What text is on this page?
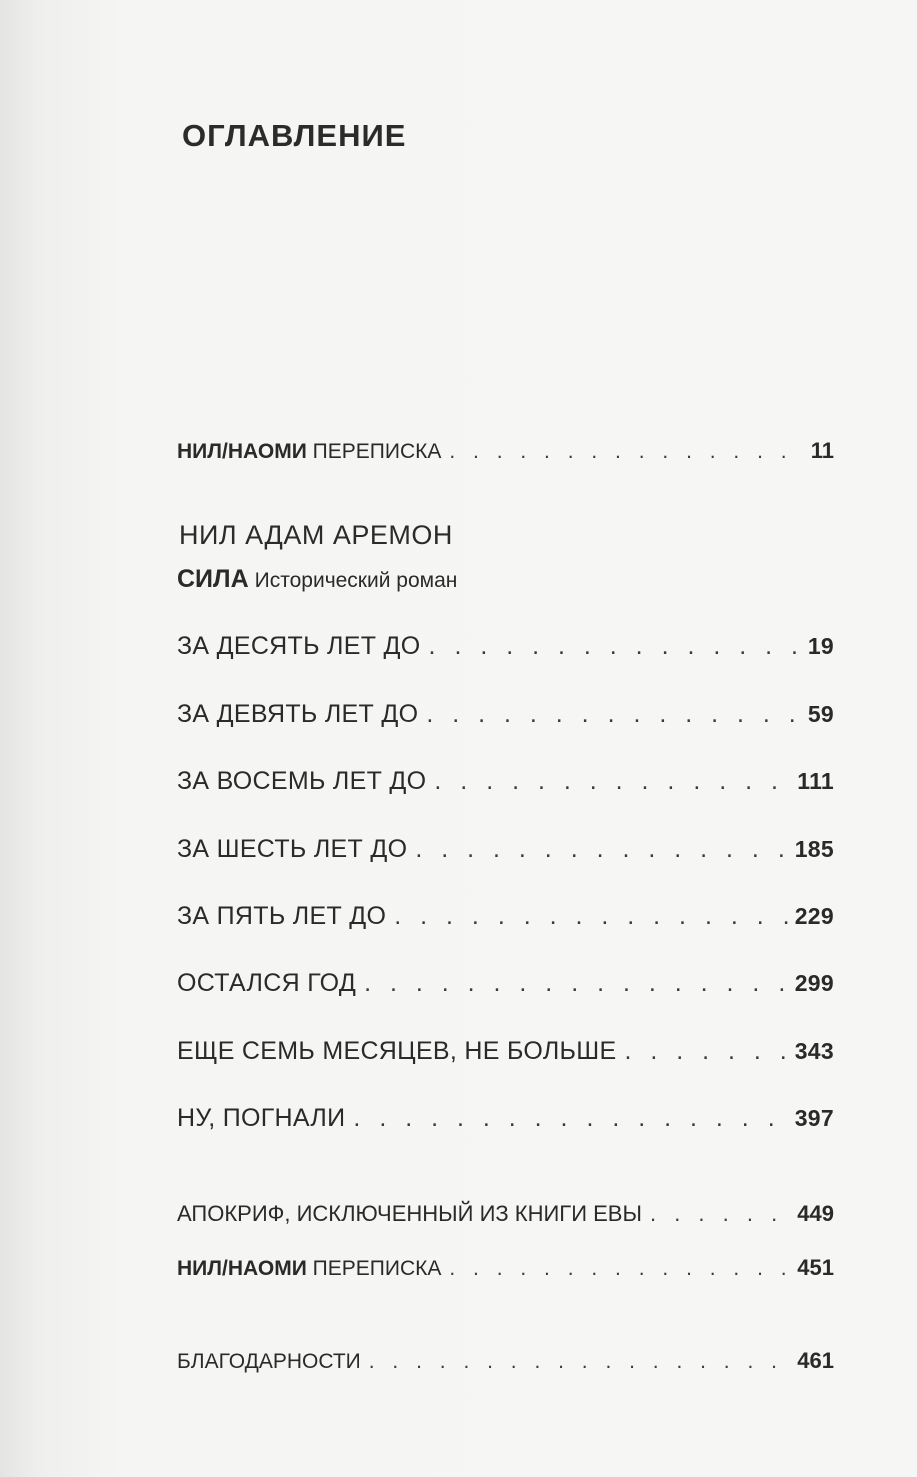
ОГЛАВЛЕНИЕ
НИЛ/НАОМИ ПЕРЕПИСКА . . .	11
НИЛ АДАМ АРЕМОН
СИЛА Исторический роман
ЗА ДЕСЯТЬ ЛЕТ ДО . . .	19
ЗА ДЕВЯТЬ ЛЕТ ДО . . .	59
ЗА ВОСЕМЬ ЛЕТ ДО . . .	111
ЗА ШЕСТЬ ЛЕТ ДО . . .	185
ЗА ПЯТЬ ЛЕТ ДО . . .	229
ОСТАЛСЯ ГОД . . .	299
ЕЩЕ СЕМЬ МЕСЯЦЕВ, НЕ БОЛЬШЕ . . .	343
НУ, ПОГНАЛИ . . .	397
АПОКРИФ, ИСКЛЮЧЕННЫЙ ИЗ КНИГИ ЕВЫ . . .	449
НИЛ/НАОМИ ПЕРЕПИСКА . . .	451
БЛАГОДАРНОСТИ . . .	461
